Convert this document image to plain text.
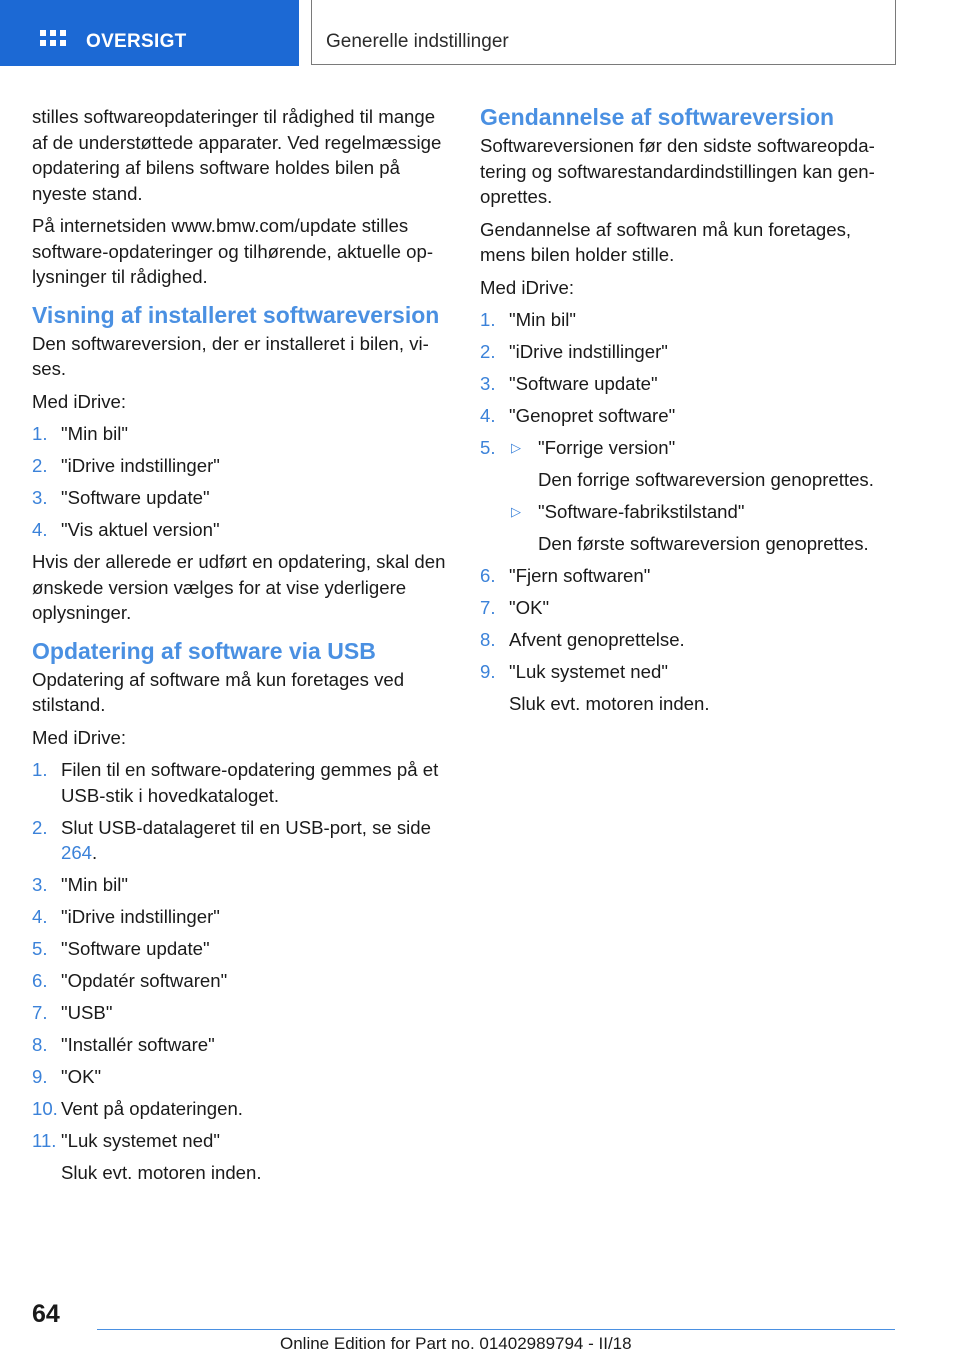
OVERSIGT	Generelle indstillinger

stilles softwareopdateringer til rådighed til mange af de understøttede apparater. Ved regelmæssige opdatering af bilens software holdes bilen på nyeste stand.

På internetsiden www.bmw.com/update stilles software-opdateringer og tilhørende, aktuelle oplysninger til rådighed.

Visning af installeret softwareversion

Den softwareversion, der er installeret i bilen, vises.

Med iDrive:

1. "Min bil"
2. "iDrive indstillinger"
3. "Software update"
4. "Vis aktuel version"

Hvis der allerede er udført en opdatering, skal den ønskede version vælges for at vise yderligere oplysninger.

Opdatering af software via USB

Opdatering af software må kun foretages ved stilstand.

Med iDrive:

1. Filen til en software-opdatering gemmes på et USB-stik i hovedkataloget.
2. Slut USB-datalageret til en USB-port, se side 264.
3. "Min bil"
4. "iDrive indstillinger"
5. "Software update"
6. "Opdatér softwaren"
7. "USB"
8. "Installér software"
9. "OK"
10. Vent på opdateringen.
11. "Luk systemet ned"
Sluk evt. motoren inden.
Gendannelse af softwareversion

Softwareversionen før den sidste softwareopdatering og softwarestandardindstillingen kan genoprettes.

Gendannelse af softwaren må kun foretages, mens bilen holder stille.

Med iDrive:

1. "Min bil"
2. "iDrive indstillinger"
3. "Software update"
4. "Genopret software"
5. ▷ "Forrige version"
Den forrige softwareversion genoprettes.
▷ "Software-fabrikstilstand"
Den første softwareversion genoprettes.
6. "Fjern softwaren"
7. "OK"
8. Afvent genoprettelse.
9. "Luk systemet ned"
Sluk evt. motoren inden.
64
Online Edition for Part no. 01402989794 - II/18
